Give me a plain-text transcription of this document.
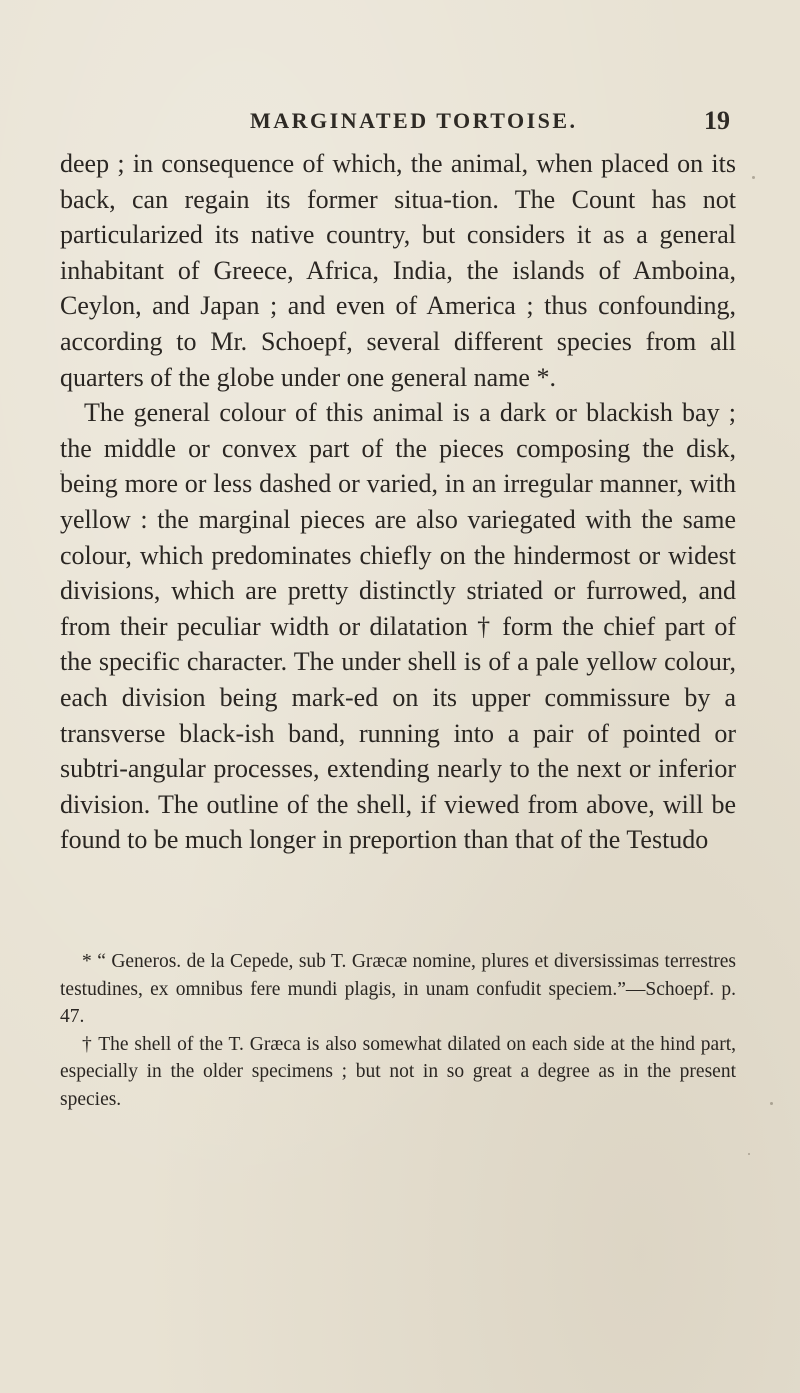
MARGINATED TORTOISE.	19

deep ; in consequence of which, the animal, when placed on its back, can regain its former situa-tion. The Count has not particularized its native country, but considers it as a general inhabitant of Greece, Africa, India, the islands of Amboina, Ceylon, and Japan ; and even of America ; thus confounding, according to Mr. Schoepf, several different species from all quarters of the globe under one general name *.

The general colour of this animal is a dark or blackish bay ; the middle or convex part of the pieces composing the disk, being more or less dashed or varied, in an irregular manner, with yellow : the marginal pieces are also variegated with the same colour, which predominates chiefly on the hindermost or widest divisions, which are pretty distinctly striated or furrowed, and from their peculiar width or dilatation † form the chief part of the specific character. The under shell is of a pale yellow colour, each division being mark-ed on its upper commissure by a transverse black-ish band, running into a pair of pointed or subtri-angular processes, extending nearly to the next or inferior division. The outline of the shell, if viewed from above, will be found to be much longer in preportion than that of the Testudo

* “ Generos. de la Cepede, sub T. Græcæ nomine, plures et diversissimas terrestres testudines, ex omnibus fere mundi plagis, in unam confudit speciem.”—Schoepf. p. 47.

† The shell of the T. Græca is also somewhat dilated on each side at the hind part, especially in the older specimens ; but not in so great a degree as in the present species.
